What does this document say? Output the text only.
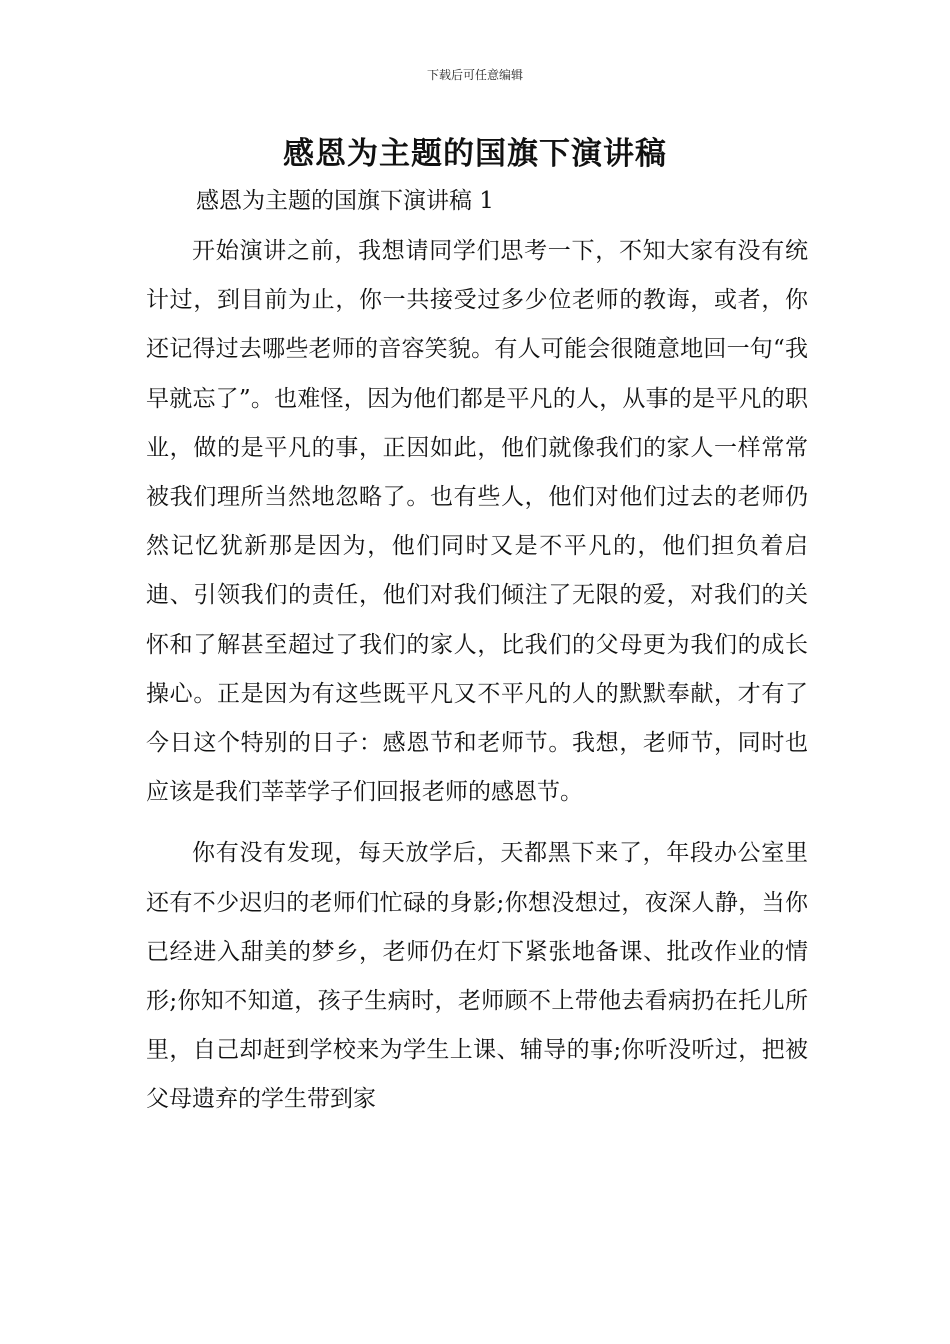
下载后可任意编辑
感恩为主题的国旗下演讲稿

感恩为主题的国旗下演讲稿 1

开始演讲之前，我想请同学们思考一下，不知大家有没有统计过，到目前为止，你一共接受过多少位老师的教诲，或者，你还记得过去哪些老师的音容笑貌。有人可能会很随意地回一句“我早就忘了”。也难怪，因为他们都是平凡的人，从事的是平凡的职业，做的是平凡的事，正因如此，他们就像我们的家人一样常常被我们理所当然地忽略了。也有些人，他们对他们过去的老师仍然记忆犹新那是因为，他们同时又是不平凡的，他们担负着启迪、引领我们的责任，他们对我们倾注了无限的爱，对我们的关怀和了解甚至超过了我们的家人，比我们的父母更为我们的成长操心。正是因为有这些既平凡又不平凡的人的默默奉献，才有了今日这个特别的日子：感恩节和老师节。我想，老师节，同时也应该是我们莘莘学子们回报老师的感恩节。

你有没有发现，每天放学后，天都黑下来了，年段办公室里还有不少迟归的老师们忙碌的身影;你想没想过，夜深人静，当你已经进入甜美的梦乡，老师仍在灯下紧张地备课、批改作业的情形;你知不知道，孩子生病时，老师顾不上带他去看病扔在托儿所里，自己却赶到学校来为学生上课、辅导的事;你听没听过，把被父母遗弃的学生带到家
